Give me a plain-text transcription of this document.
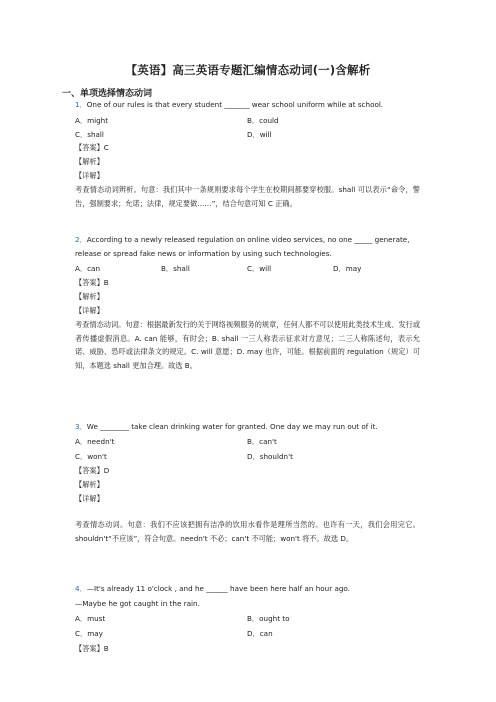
【英语】高三英语专题汇编情态动词(一)含解析
一、单项选择情态动词
1．One of our rules is that every student _______ wear school uniform while at school.
A．might	B．could
C．shall	D．will
【答案】C
【解析】
【详解】
考查情态动词辨析。句意：我们其中一条规则要求每个学生在校期间都要穿校服。shall 可以表示“命令，警告，强制要求；允诺；法律，规定要做……”，结合句意可知 C 正确。
2．According to a newly released regulation on online video services, no one _____ generate,
release or spread fake news or information by using such technologies.
A．can	B．shall	C．will	D．may
【答案】B
【解析】
【详解】
考查情态动词。句意：根据最新发行的关于网络视频服务的规章，任何人都不可以使用此类技术生成、发行或者传播虚假消息。A. can 能够，有时会；B. shall 一三人称表示征求对方意见；二三人称陈述句，表示允诺、威胁、恐吓或法律条文的规定。C. will 意愿；D. may 也许，可能。根据前面的 regulation（规定）可知，本题选 shall 更加合理。故选 B。
3．We ________ take clean drinking water for granted. One day we may run out of it.
A．needn't	B．can't
C．won't	D．shouldn't
【答案】D
【解析】
【详解】
考查情态动词。句意：我们不应该把拥有洁净的饮用水看作是理所当然的。也许有一天，我们会用完它。shouldn't“不应该”，符合句意。needn't 不必；can't 不可能；won't 将不。故选 D。
4．—It's already 11 o'clock , and he ______ have been here half an hour ago.
—Maybe he got caught in the rain.
A．must	B．ought to
C．may	D．can
【答案】B
